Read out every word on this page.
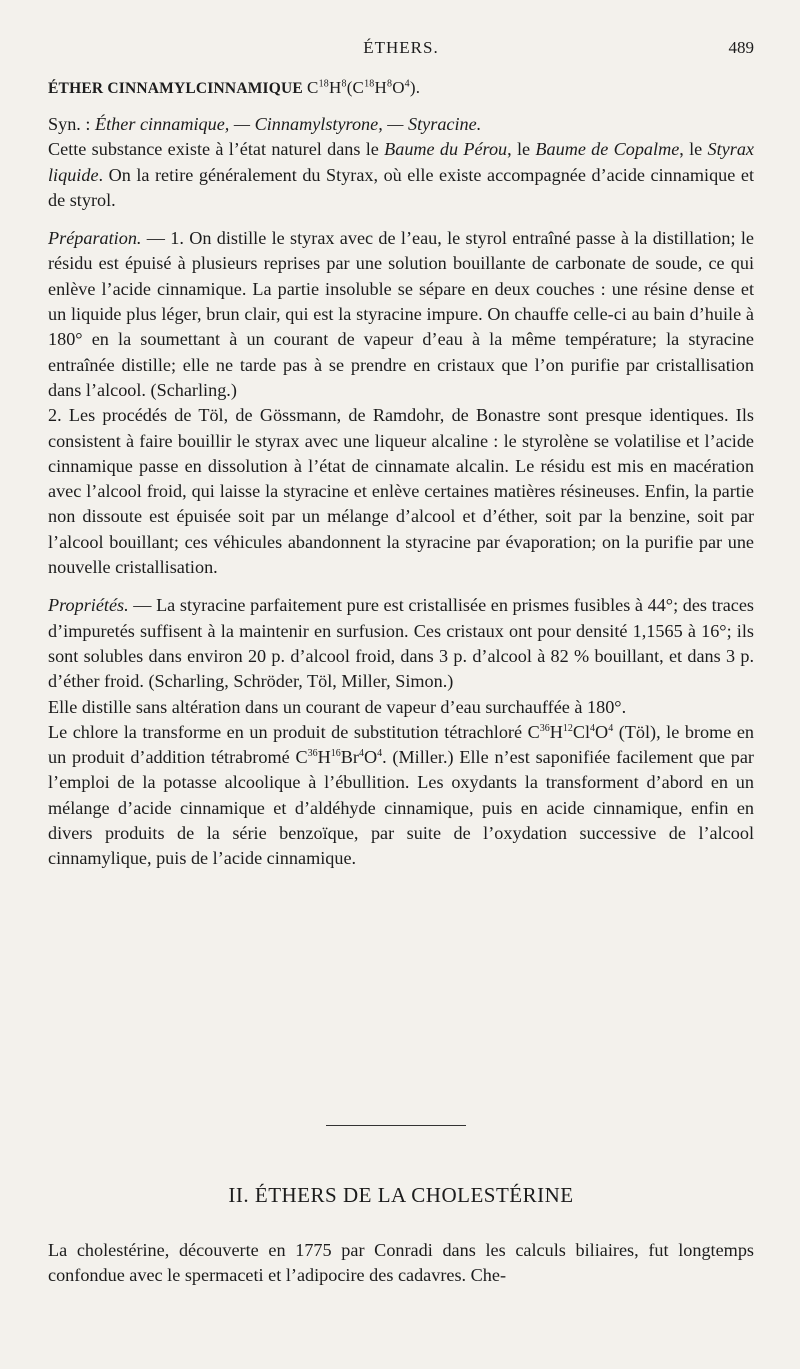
ÉTHERS.	489
ÉTHER CINNAMYLCINNAMIQUE $C^{18}H^8(C^{18}H^8O^4)$.

Syn. : Éther cinnamique, — Cinnamylstyrone, — Styracine.

Cette substance existe à l’état naturel dans le Baume du Pérou, le Baume de Copalme, le Styrax liquide. On la retire généralement du Styrax, où elle existe accompagnée d’acide cinnamique et de styrol.

Préparation. — 1. On distille le styrax avec de l’eau, le styrol entraîné passe à la distillation; le résidu est épuisé à plusieurs reprises par une solution bouillante de carbonate de soude, ce qui enlève l’acide cinnamique. La partie insoluble se sépare en deux couches : une résine dense et un liquide plus léger, brun clair, qui est la styracine impure. On chauffe celle-ci au bain d’huile à 180° en la soumettant à un courant de vapeur d’eau à la même température; la styracine entraînée distille; elle ne tarde pas à se prendre en cristaux que l’on purifie par cristallisation dans l’alcool. (Scharling.)

2. Les procédés de Töl, de Gössmann, de Ramdohr, de Bonastre sont presque identiques. Ils consistent à faire bouillir le styrax avec une liqueur alcaline : le styrolène se volatilise et l’acide cinnamique passe en dissolution à l’état de cinnamate alcalin. Le résidu est mis en macération avec l’alcool froid, qui laisse la styracine et enlève certaines matières résineuses. Enfin, la partie non dissoute est épuisée soit par un mélange d’alcool et d’éther, soit par la benzine, soit par l’alcool bouillant; ces véhicules abandonnent la styracine par évaporation; on la purifie par une nouvelle cristallisation.

Propriétés. — La styracine parfaitement pure est cristallisée en prismes fusibles à 44°; des traces d’impuretés suffisent à la maintenir en surfusion. Ces cristaux ont pour densité 1,1565 à 16°; ils sont solubles dans environ 20 p. d’alcool froid, dans 3 p. d’alcool à 82 % bouillant, et dans 3 p. d’éther froid. (Scharling, Schröder, Töl, Miller, Simon.)

Elle distille sans altération dans un courant de vapeur d’eau surchauffée à 180°.

Le chlore la transforme en un produit de substitution tétrachloré $C^{36}H^{12}Cl^4O^4$ (Töl), le brome en un produit d’addition tétrabromé $C^{36}H^{16}Br^4O^4$. (Miller.) Elle n’est saponifiée facilement que par l’emploi de la potasse alcoolique à l’ébullition. Les oxydants la transforment d’abord en un mélange d’acide cinnamique et d’aldéhyde cinnamique, puis en acide cinnamique, enfin en divers produits de la série benzoïque, par suite de l’oxydation successive de l’alcool cinnamylique, puis de l’acide cinnamique.

II. ÉTHERS DE LA CHOLESTÉRINE
La cholestérine, découverte en 1775 par Conradi dans les calculs biliaires, fut longtemps confondue avec le spermaceti et l’adipocire des cadavres. Che-
